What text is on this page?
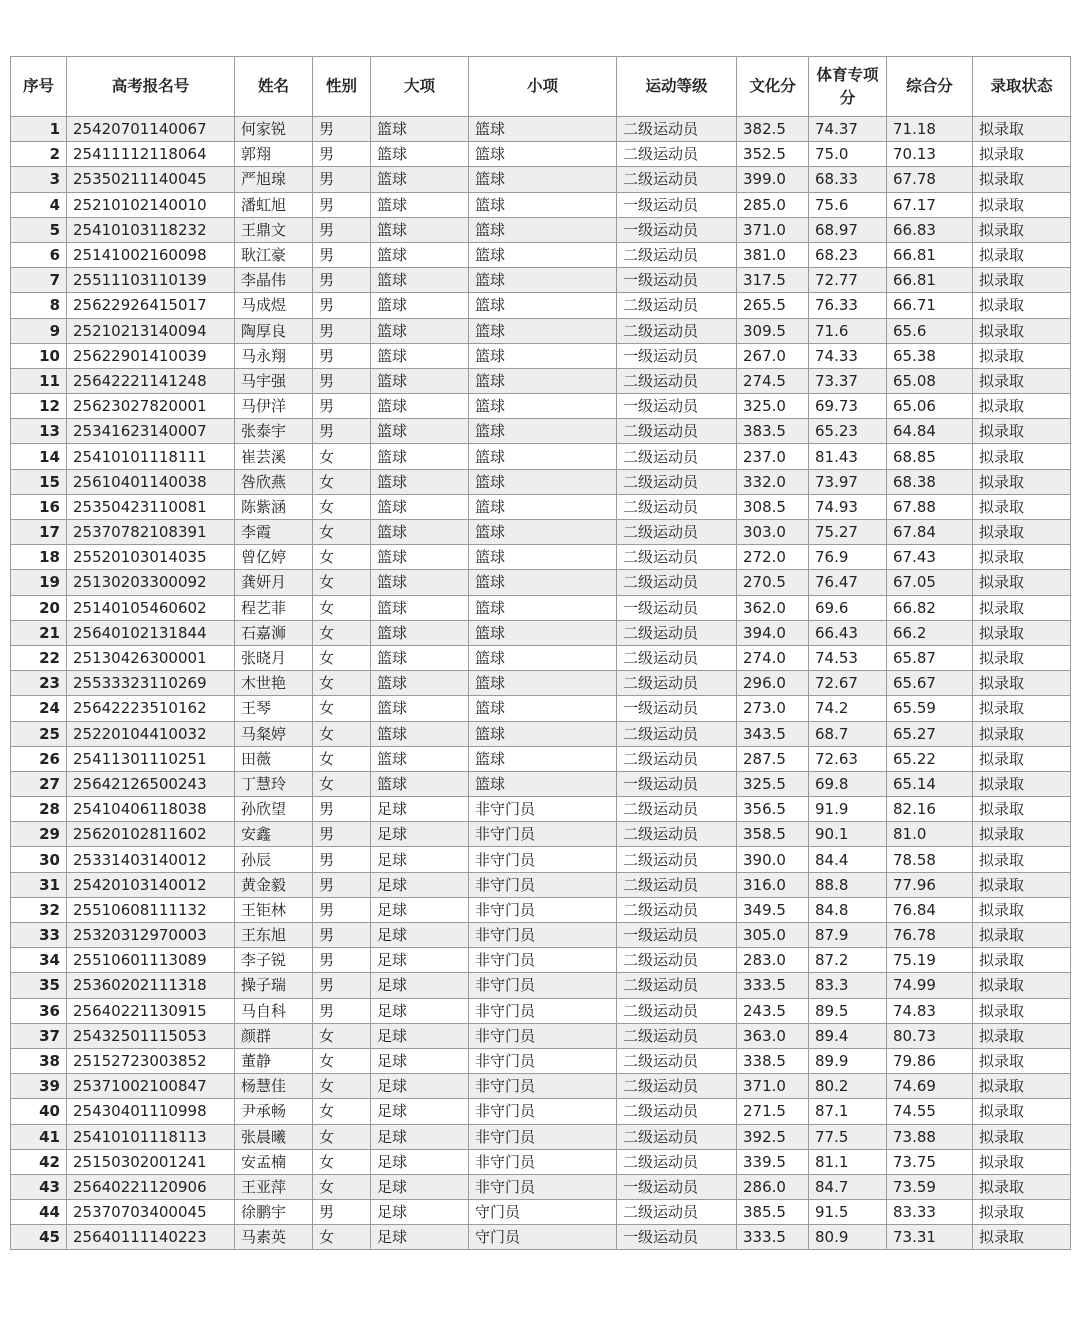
序号	高考报名号	姓名	性别	大项	小项	运动等级	文化分	体育专项分	综合分	录取状态
1	25420701140067	何家锐	男	篮球	篮球	二级运动员	382.5	74.37	71.18	拟录取
2	25411112118064	郭翔	男	篮球	篮球	二级运动员	352.5	75.0	70.13	拟录取
3	25350211140045	严旭瑔	男	篮球	篮球	二级运动员	399.0	68.33	67.78	拟录取
4	25210102140010	潘虹旭	男	篮球	篮球	一级运动员	285.0	75.6	67.17	拟录取
5	25410103118232	王鼎文	男	篮球	篮球	一级运动员	371.0	68.97	66.83	拟录取
6	25141002160098	耿江豪	男	篮球	篮球	二级运动员	381.0	68.23	66.81	拟录取
7	25511103110139	李晶伟	男	篮球	篮球	一级运动员	317.5	72.77	66.81	拟录取
8	25622926415017	马成煜	男	篮球	篮球	二级运动员	265.5	76.33	66.71	拟录取
9	25210213140094	陶厚良	男	篮球	篮球	二级运动员	309.5	71.6	65.6	拟录取
10	25622901410039	马永翔	男	篮球	篮球	一级运动员	267.0	74.33	65.38	拟录取
11	25642221141248	马宇强	男	篮球	篮球	二级运动员	274.5	73.37	65.08	拟录取
12	25623027820001	马伊洋	男	篮球	篮球	一级运动员	325.0	69.73	65.06	拟录取
13	25341623140007	张泰宇	男	篮球	篮球	二级运动员	383.5	65.23	64.84	拟录取
14	25410101118111	崔芸溪	女	篮球	篮球	二级运动员	237.0	81.43	68.85	拟录取
15	25610401140038	咎欣燕	女	篮球	篮球	二级运动员	332.0	73.97	68.38	拟录取
16	25350423110081	陈紫涵	女	篮球	篮球	二级运动员	308.5	74.93	67.88	拟录取
17	25370782108391	李霞	女	篮球	篮球	二级运动员	303.0	75.27	67.84	拟录取
18	25520103014035	曾亿婷	女	篮球	篮球	二级运动员	272.0	76.9	67.43	拟录取
19	25130203300092	龚妍月	女	篮球	篮球	二级运动员	270.5	76.47	67.05	拟录取
20	25140105460602	程艺菲	女	篮球	篮球	一级运动员	362.0	69.6	66.82	拟录取
21	25640102131844	石嘉浉	女	篮球	篮球	二级运动员	394.0	66.43	66.2	拟录取
22	25130426300001	张晓月	女	篮球	篮球	二级运动员	274.0	74.53	65.87	拟录取
23	25533323110269	木世艳	女	篮球	篮球	二级运动员	296.0	72.67	65.67	拟录取
24	25642223510162	王琴	女	篮球	篮球	一级运动员	273.0	74.2	65.59	拟录取
25	25220104410032	马粲婷	女	篮球	篮球	二级运动员	343.5	68.7	65.27	拟录取
26	25411301110251	田薇	女	篮球	篮球	二级运动员	287.5	72.63	65.22	拟录取
27	25642126500243	丁慧玲	女	篮球	篮球	一级运动员	325.5	69.8	65.14	拟录取
28	25410406118038	孙欣望	男	足球	非守门员	二级运动员	356.5	91.9	82.16	拟录取
29	25620102811602	安鑫	男	足球	非守门员	二级运动员	358.5	90.1	81.0	拟录取
30	25331403140012	孙辰	男	足球	非守门员	二级运动员	390.0	84.4	78.58	拟录取
31	25420103140012	黄金毅	男	足球	非守门员	二级运动员	316.0	88.8	77.96	拟录取
32	25510608111132	王钜林	男	足球	非守门员	二级运动员	349.5	84.8	76.84	拟录取
33	25320312970003	王东旭	男	足球	非守门员	一级运动员	305.0	87.9	76.78	拟录取
34	25510601113089	李子锐	男	足球	非守门员	二级运动员	283.0	87.2	75.19	拟录取
35	25360202111318	操子瑞	男	足球	非守门员	二级运动员	333.5	83.3	74.99	拟录取
36	25640221130915	马自科	男	足球	非守门员	二级运动员	243.5	89.5	74.83	拟录取
37	25432501115053	颜群	女	足球	非守门员	二级运动员	363.0	89.4	80.73	拟录取
38	25152723003852	董静	女	足球	非守门员	二级运动员	338.5	89.9	79.86	拟录取
39	25371002100847	杨慧佳	女	足球	非守门员	二级运动员	371.0	80.2	74.69	拟录取
40	25430401110998	尹承畅	女	足球	非守门员	二级运动员	271.5	87.1	74.55	拟录取
41	25410101118113	张晨曦	女	足球	非守门员	二级运动员	392.5	77.5	73.88	拟录取
42	25150302001241	安孟楠	女	足球	非守门员	二级运动员	339.5	81.1	73.75	拟录取
43	25640221120906	王亚萍	女	足球	非守门员	一级运动员	286.0	84.7	73.59	拟录取
44	25370703400045	徐鹏宇	男	足球	守门员	二级运动员	385.5	91.5	83.33	拟录取
45	25640111140223	马素英	女	足球	守门员	一级运动员	333.5	80.9	73.31	拟录取
